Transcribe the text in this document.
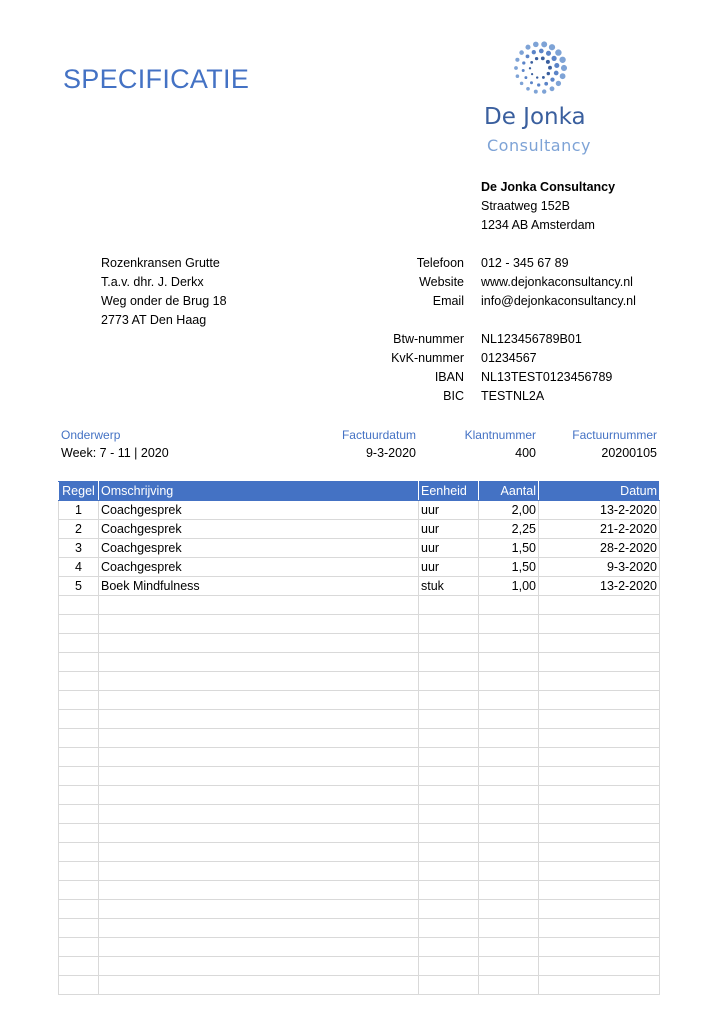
SPECIFICATIE
De Jonka
Consultancy
De Jonka Consultancy
Straatweg 152B
1234 AB Amsterdam
Rozenkransen Grutte
T.a.v. dhr. J. Derkx
Weg onder de Brug 18
2773 AT Den Haag
Telefoon 012 - 345 67 89
Website www.dejonkaconsultancy.nl
Email info@dejonkaconsultancy.nl
Btw-nummer NL123456789B01
KvK-nummer 01234567
IBAN NL13TEST0123456789
BIC TESTNL2A
Onderwerp
Week: 7 - 11 | 2020
Factuurdatum
9-3-2020
Klantnummer
400
Factuurnummer
20200105
Regel	Omschrijving	Eenheid	Aantal	Datum
1	Coachgesprek	uur	2,00	13-2-2020
2	Coachgesprek	uur	2,25	21-2-2020
3	Coachgesprek	uur	1,50	28-2-2020
4	Coachgesprek	uur	1,50	9-3-2020
5	Boek Mindfulness	stuk	1,00	13-2-2020
